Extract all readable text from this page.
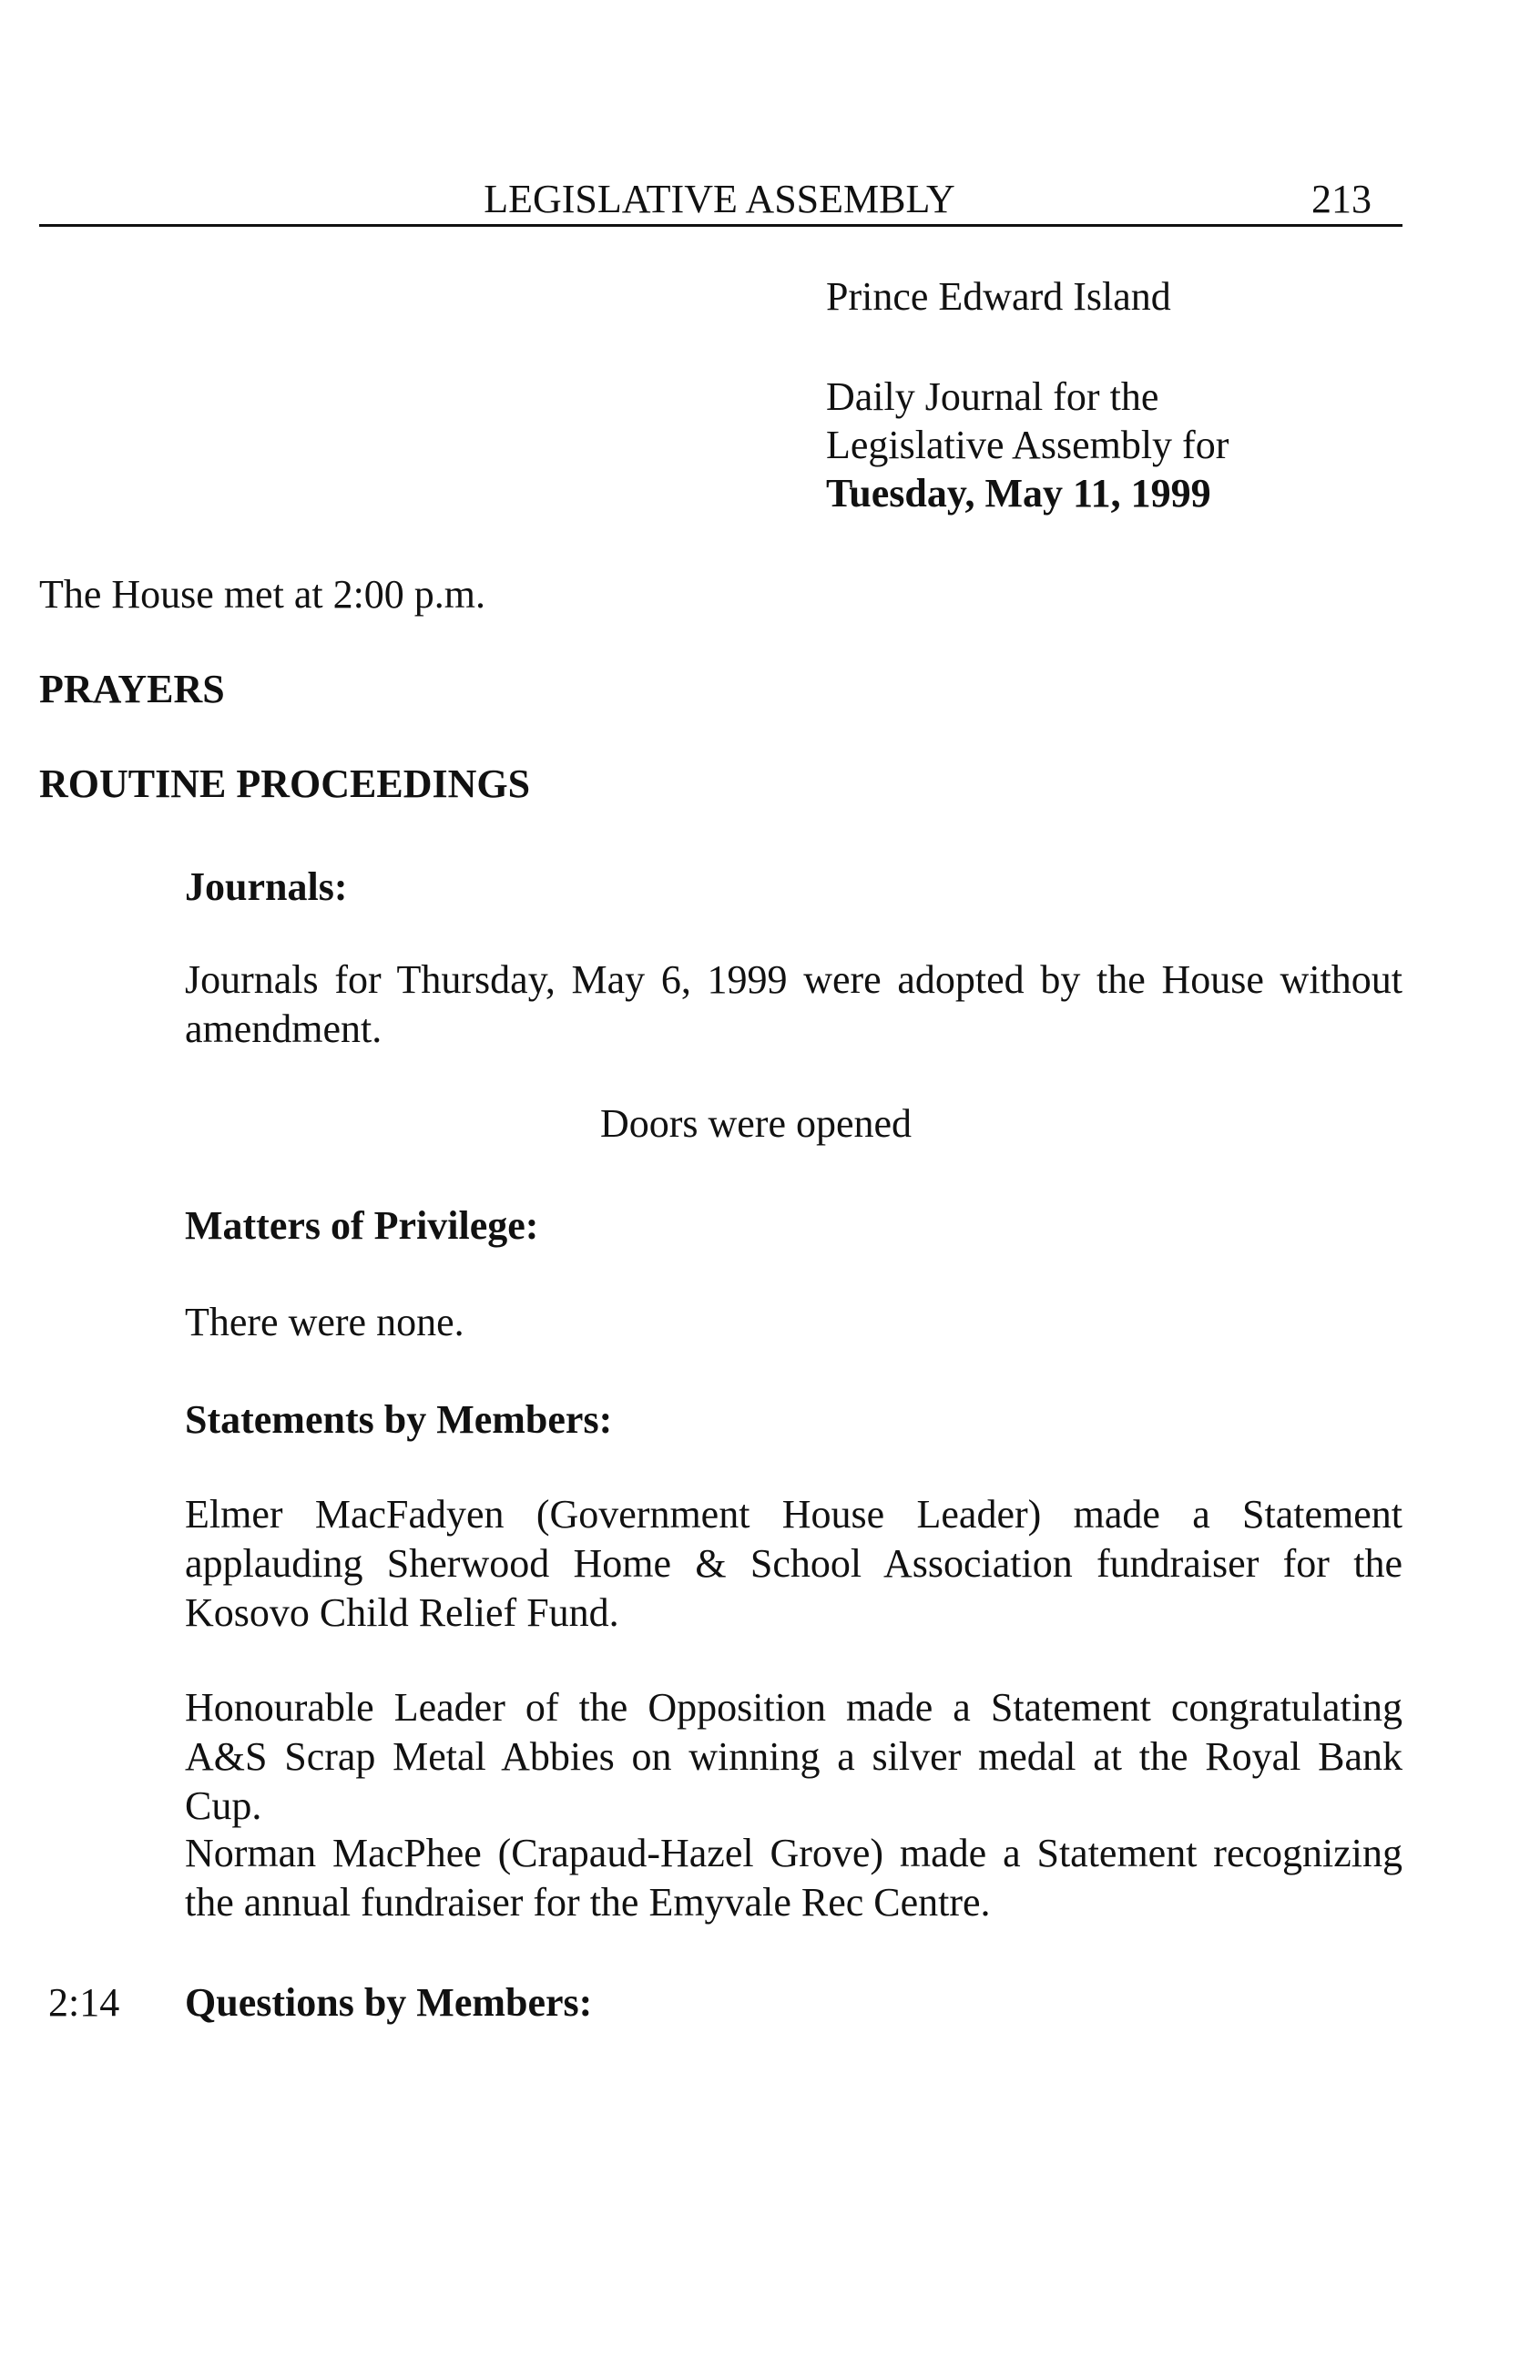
LEGISLATIVE ASSEMBLY	213
Prince Edward Island
Daily Journal for the
Legislative Assembly for
Tuesday, May 11, 1999
The House met at 2:00 p.m.
PRAYERS
ROUTINE PROCEEDINGS
Journals:
Journals for Thursday, May 6, 1999 were adopted by the House without amendment.
Doors were opened
Matters of Privilege:
There were none.
Statements by Members:
Elmer MacFadyen (Government House Leader) made a Statement applauding Sherwood Home & School Association fundraiser for the Kosovo Child Relief Fund.
Honourable Leader of the Opposition made a Statement congratulating A&S Scrap Metal Abbies on winning a silver medal at the Royal Bank Cup.
Norman MacPhee (Crapaud-Hazel Grove) made a Statement recognizing the annual fundraiser for the Emyvale Rec Centre.
2:14 Questions by Members:
